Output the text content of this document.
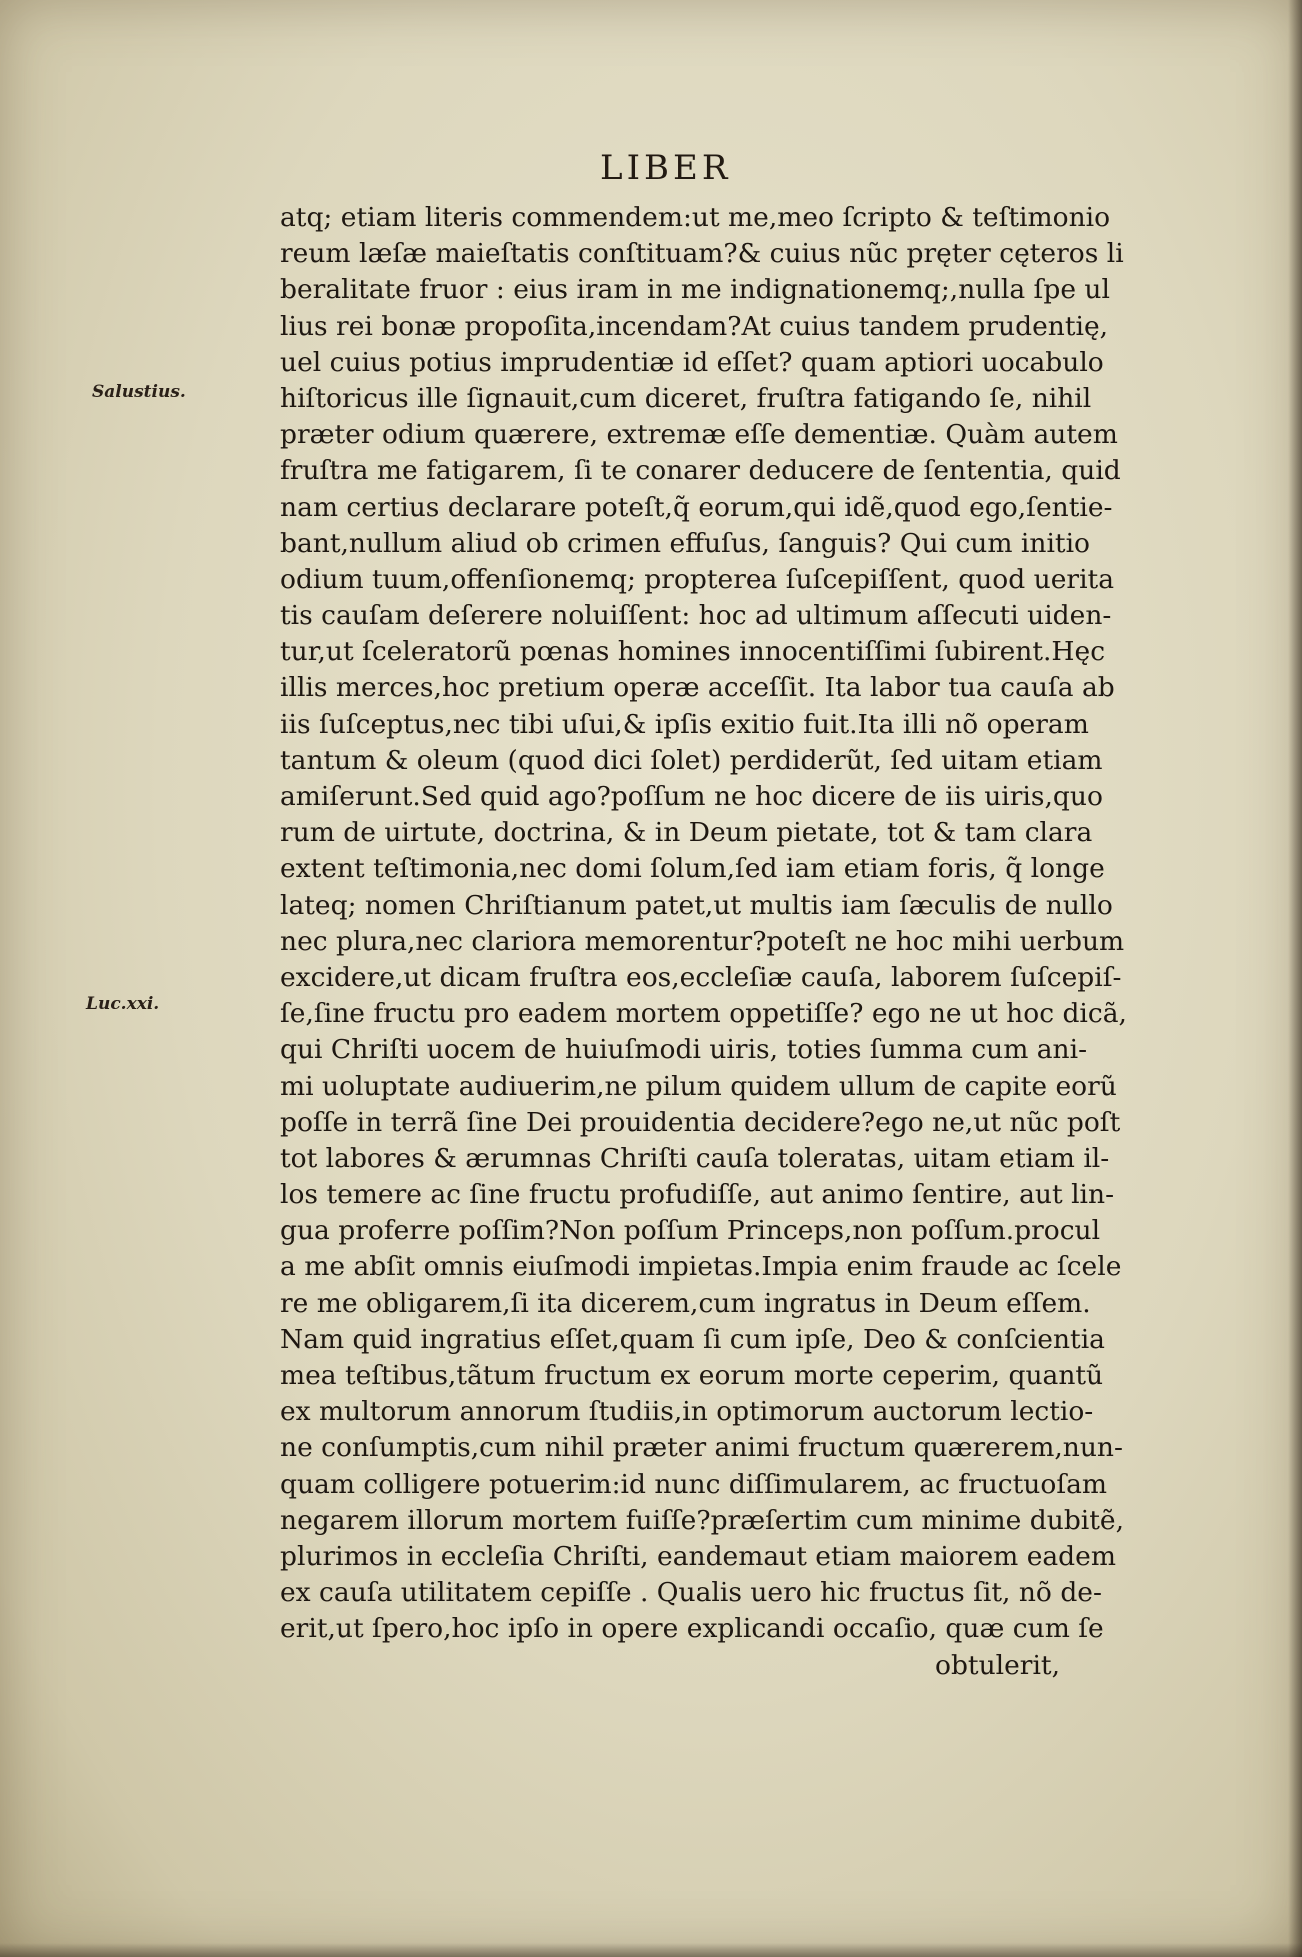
LIBER
Salustius.
Luc.xxi.
atq; etiam literis commendem:ut me,meo ſcripto & teſtimonio
reum læſæ maieſtatis conſtituam?& cuius nũc pręter cęteros li
beralitate fruor : eius iram in me indignationemq;,nulla ſpe ul
lius rei bonæ propoſita,incendam?At cuius tandem prudentię,
uel cuius potius imprudentiæ id eſſet? quam aptiori uocabulo
hiſtoricus ille ſignauit,cum diceret, fruſtra fatigando ſe, nihil
præter odium quærere, extremæ eſſe dementiæ. Quàm autem
fruſtra me fatigarem, ſi te conarer deducere de ſententia, quid
nam certius declarare poteſt,q̃ eorum,qui idẽ,quod ego,ſentie-
bant,nullum aliud ob crimen effuſus, ſanguis? Qui cum initio
odium tuum,offenſionemq; propterea ſuſcepiſſent, quod uerita
tis cauſam deſerere noluiſſent: hoc ad ultimum aſſecuti uiden-
tur,ut ſceleratorũ pœnas homines innocentiſſimi ſubirent.Hęc
illis merces,hoc pretium operæ acceſſit. Ita labor tua cauſa ab
iis ſuſceptus,nec tibi uſui,& ipſis exitio fuit.Ita illi nõ operam
tantum & oleum (quod dici ſolet) perdiderũt, ſed uitam etiam
amiſerunt.Sed quid ago?poſſum ne hoc dicere de iis uiris,quo
rum de uirtute, doctrina, & in Deum pietate, tot & tam clara
extent teſtimonia,nec domi ſolum,ſed iam etiam foris, q̃ longe
lateq; nomen Chriſtianum patet,ut multis iam ſæculis de nullo
nec plura,nec clariora memorentur?poteſt ne hoc mihi uerbum
excidere,ut dicam fruſtra eos,eccleſiæ cauſa, laborem ſuſcepiſ-
ſe,ſine fructu pro eadem mortem oppetiſſe? ego ne ut hoc dicã,
qui Chriſti uocem de huiuſmodi uiris, toties ſumma cum ani-
mi uoluptate audiuerim,ne pilum quidem ullum de capite eorũ
poſſe in terrã ſine Dei prouidentia decidere?ego ne,ut nũc poſt
tot labores & ærumnas Chriſti cauſa toleratas, uitam etiam il-
los temere ac ſine fructu profudiſſe, aut animo ſentire, aut lin-
gua proferre poſſim?Non poſſum Princeps,non poſſum.procul
a me abſit omnis eiuſmodi impietas.Impia enim fraude ac ſcele
re me obligarem,ſi ita dicerem,cum ingratus in Deum eſſem.
Nam quid ingratius eſſet,quam ſi cum ipſe, Deo & conſcientia
mea teſtibus,tãtum fructum ex eorum morte ceperim, quantũ
ex multorum annorum ſtudiis,in optimorum auctorum lectio-
ne conſumptis,cum nihil præter animi fructum quærerem,nun-
quam colligere potuerim:id nunc diſſimularem, ac fructuoſam
negarem illorum mortem fuiſſe?præſertim cum minime dubitẽ,
plurimos in eccleſia Chriſti, eandemaut etiam maiorem eadem
ex cauſa utilitatem cepiſſe . Qualis uero hic fructus ſit, nõ de-
erit,ut ſpero,hoc ipſo in opere explicandi occaſio, quæ cum ſe
obtulerit,
